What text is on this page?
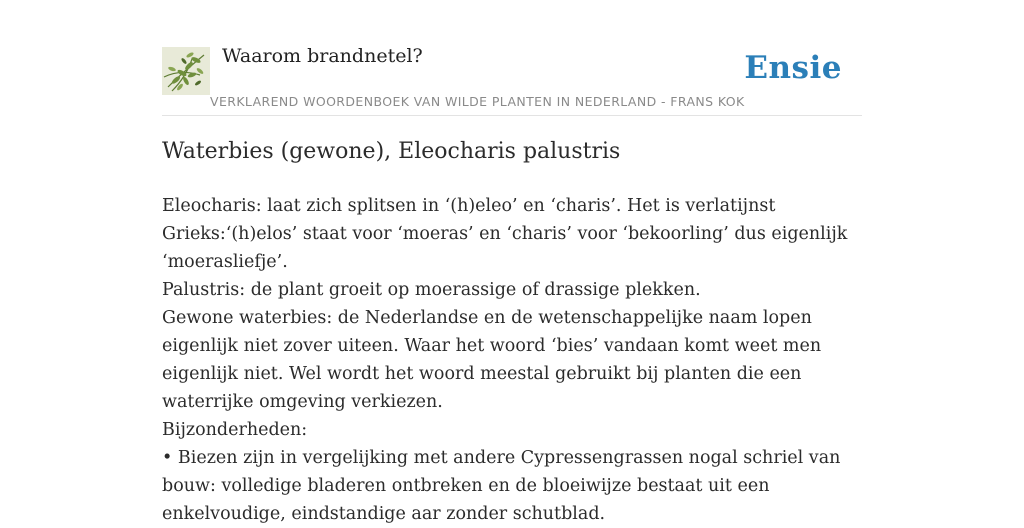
Waarom brandnetel?	Ensie
VERKLAREND WOORDENBOEK VAN WILDE PLANTEN IN NEDERLAND - FRANS KOK
Waterbies (gewone), Eleocharis palustris

Eleocharis: laat zich splitsen in ‘(h)eleo’ en ‘charis’. Het is verlatijnst Grieks:‘(h)elos’ staat voor ‘moeras’ en ‘charis’ voor ‘bekoorling’ dus eigenlijk ‘moerasliefje’.

Palustris: de plant groeit op moerassige of drassige plekken.

Gewone waterbies: de Nederlandse en de wetenschappelijke naam lopen eigenlijk niet zover uiteen. Waar het woord ‘bies’ vandaan komt weet men eigenlijk niet. Wel wordt het woord meestal gebruikt bij planten die een waterrijke omgeving verkiezen.

Bijzonderheden:

• Biezen zijn in vergelijking met andere Cypressengrassen nogal schriel van bouw: volledige bladeren ontbreken en de bloeiwijze bestaat uit een enkelvoudige, eindstandige aar zonder schutblad.
